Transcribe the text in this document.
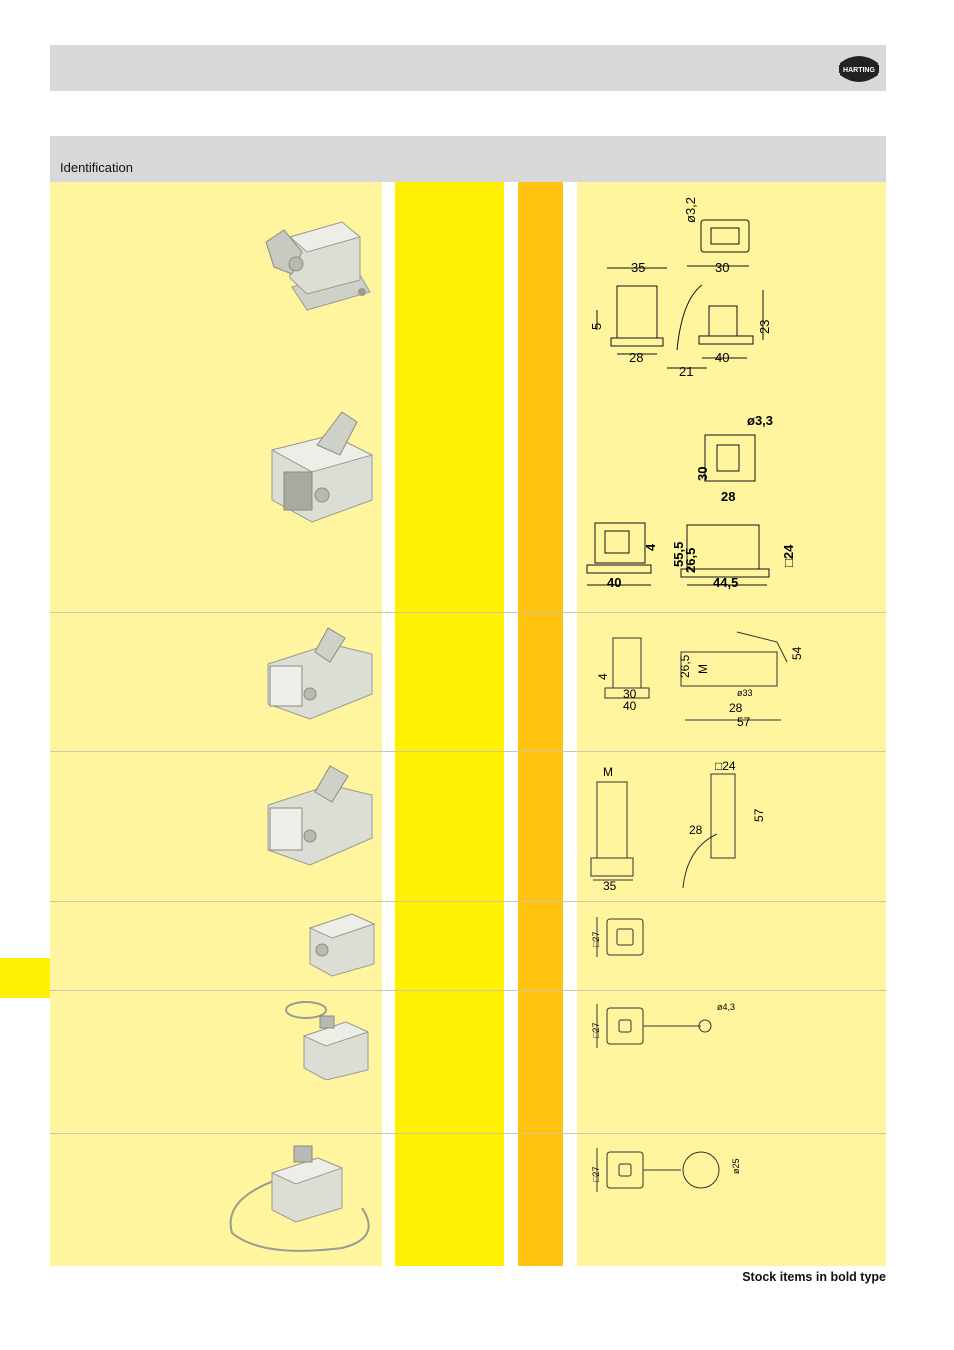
HARTING
Identification
ø3,2
35	30
5	23
28
21
40
ø3,3
30
28
55,5
26,5
4	□24
40	44,5
4
30
40
26,5 M
54
ø33
28
57
M	□24
57
28
35
□27
□27
ø4,3
□27
ø25
Stock items in bold type
